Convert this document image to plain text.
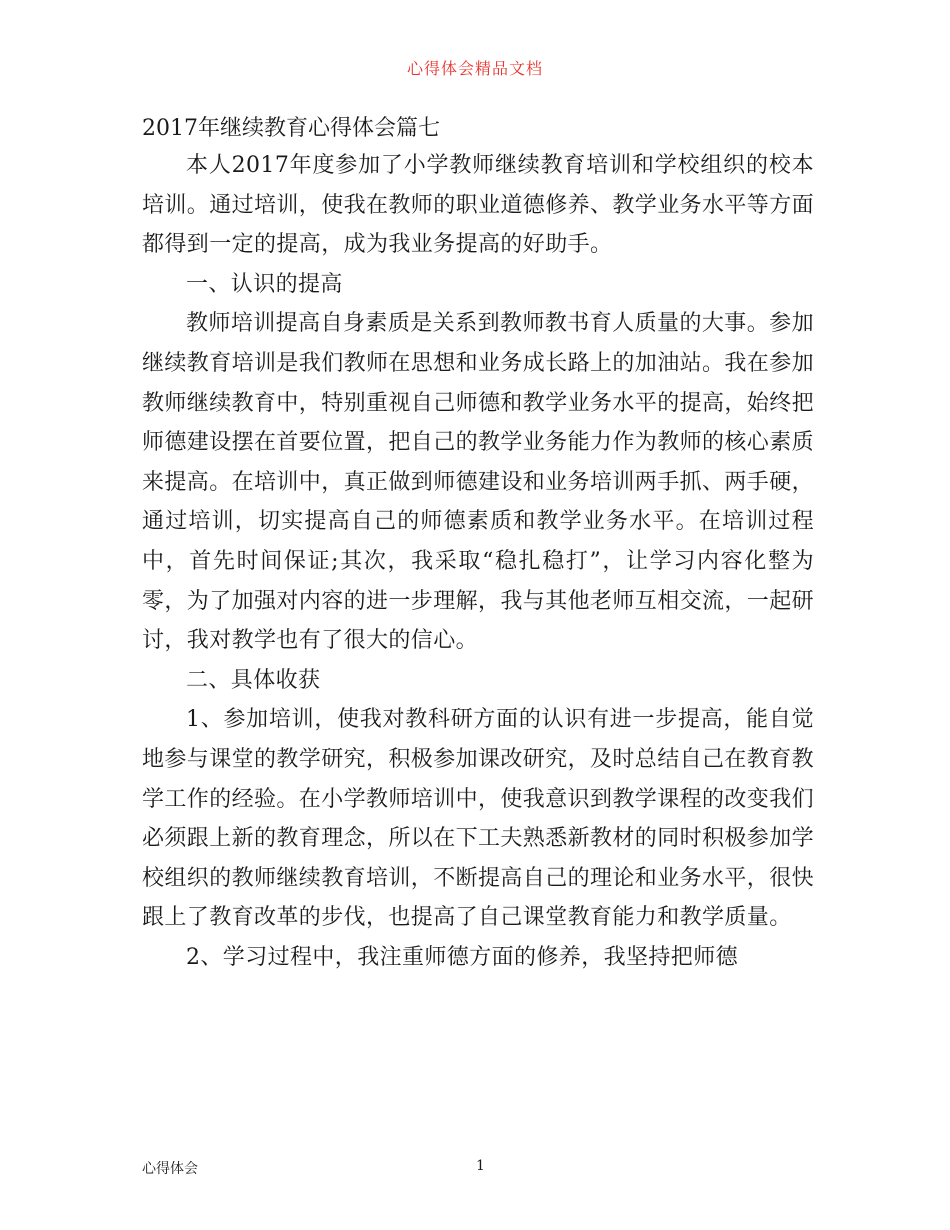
心得体会精品文档
2017年继续教育心得体会篇七

本人2017年度参加了小学教师继续教育培训和学校组织的校本培训。通过培训，使我在教师的职业道德修养、教学业务水平等方面都得到一定的提高，成为我业务提高的好助手。

一、认识的提高

教师培训提高自身素质是关系到教师教书育人质量的大事。参加继续教育培训是我们教师在思想和业务成长路上的加油站。我在参加教师继续教育中，特别重视自己师德和教学业务水平的提高，始终把师德建设摆在首要位置，把自己的教学业务能力作为教师的核心素质来提高。在培训中，真正做到师德建设和业务培训两手抓、两手硬，通过培训，切实提高自己的师德素质和教学业务水平。在培训过程中，首先时间保证;其次，我采取“稳扎稳打”，让学习内容化整为零，为了加强对内容的进一步理解，我与其他老师互相交流，一起研讨，我对教学也有了很大的信心。

二、具体收获

1、参加培训，使我对教科研方面的认识有进一步提高，能自觉地参与课堂的教学研究，积极参加课改研究，及时总结自己在教育教学工作的经验。在小学教师培训中，使我意识到教学课程的改变我们必须跟上新的教育理念，所以在下工夫熟悉新教材的同时积极参加学校组织的教师继续教育培训，不断提高自己的理论和业务水平，很快跟上了教育改革的步伐，也提高了自己课堂教育能力和教学质量。

2、学习过程中，我注重师德方面的修养，我坚持把师德

心得体会	1
